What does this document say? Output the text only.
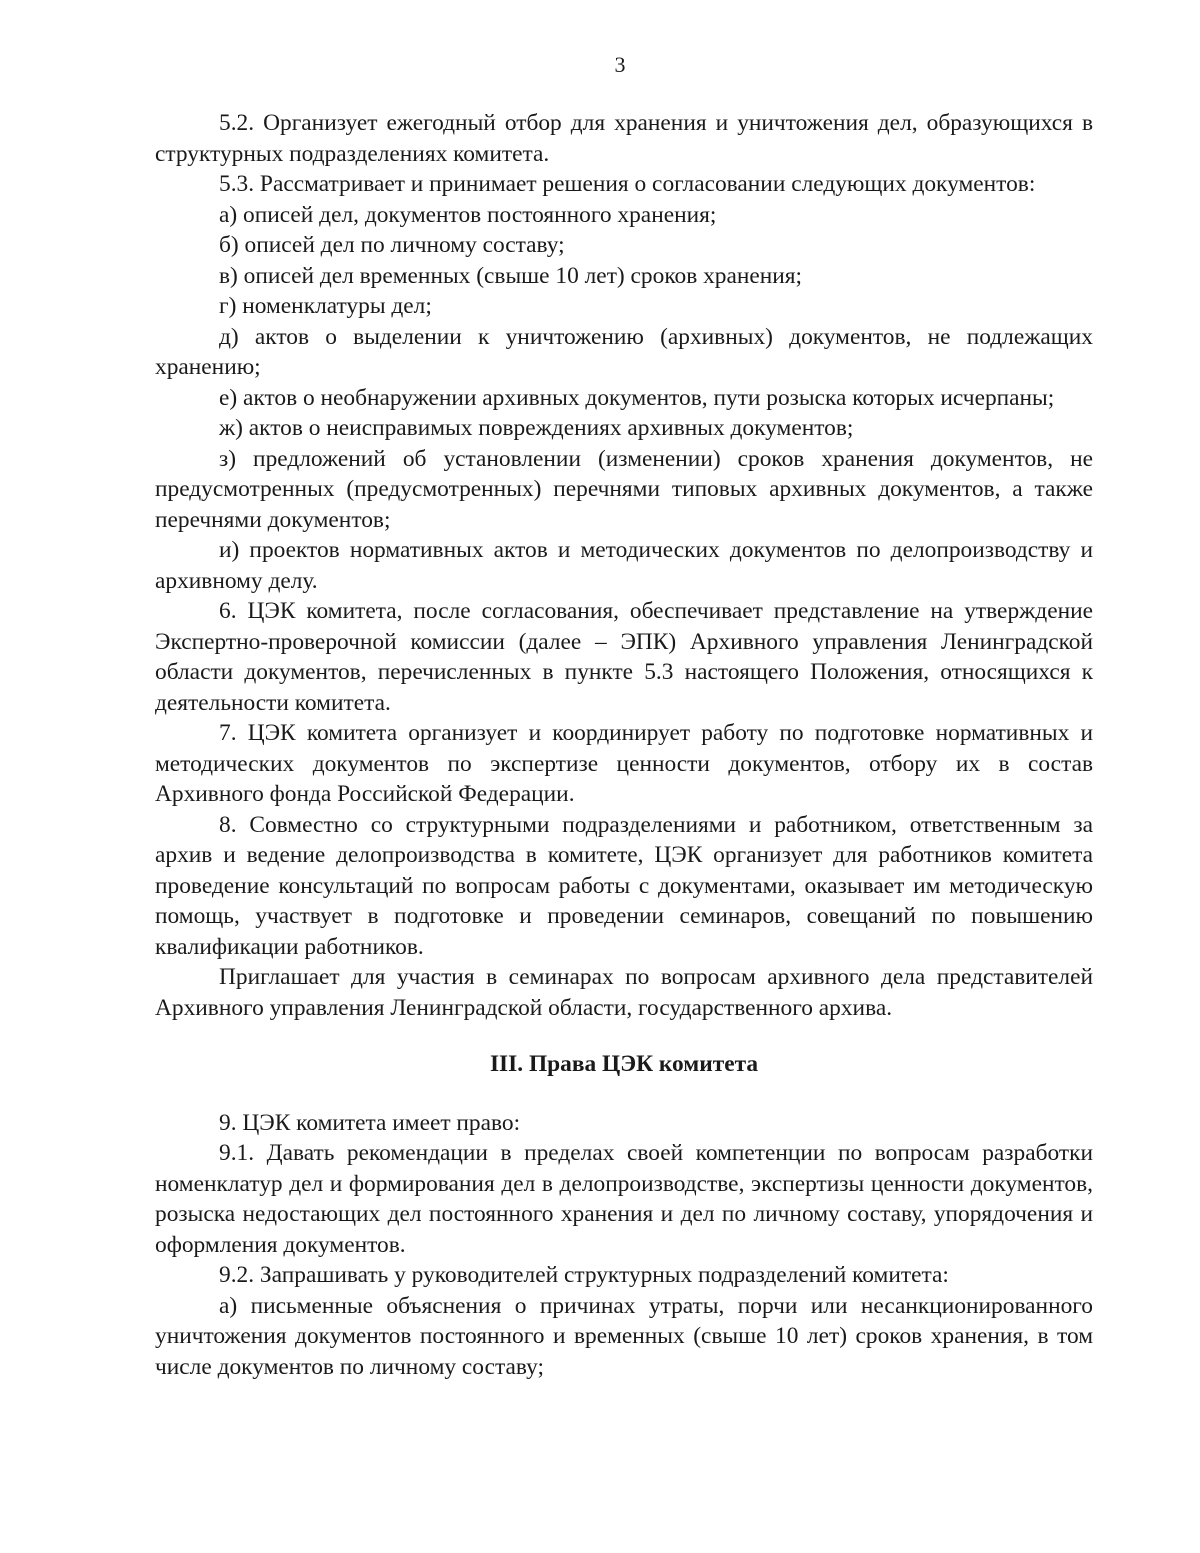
3

5.2. Организует ежегодный отбор для хранения и уничтожения дел, образующихся в структурных подразделениях комитета.

5.3. Рассматривает и принимает решения о согласовании следующих документов:

а) описей дел, документов постоянного хранения;

б) описей дел по личному составу;

в) описей дел временных (свыше 10 лет) сроков хранения;

г) номенклатуры дел;

д) актов о выделении к уничтожению (архивных) документов, не подлежащих хранению;

е) актов о необнаружении архивных документов, пути розыска которых исчерпаны;

ж) актов о неисправимых повреждениях архивных документов;

з) предложений об установлении (изменении) сроков хранения документов, не предусмотренных (предусмотренных) перечнями типовых архивных документов, а также перечнями документов;

и) проектов нормативных актов и методических документов по делопроизводству и архивному делу.

6. ЦЭК комитета, после согласования, обеспечивает представление на утверждение Экспертно-проверочной комиссии (далее – ЭПК) Архивного управления Ленинградской области документов, перечисленных в пункте 5.3 настоящего Положения, относящихся к деятельности комитета.

7. ЦЭК комитета организует и координирует работу по подготовке нормативных и методических документов по экспертизе ценности документов, отбору их в состав Архивного фонда Российской Федерации.

8. Совместно со структурными подразделениями и работником, ответственным за архив и ведение делопроизводства в комитете, ЦЭК организует для работников комитета проведение консультаций по вопросам работы с документами, оказывает им методическую помощь, участвует в подготовке и проведении семинаров, совещаний по повышению квалификации работников.

Приглашает для участия в семинарах по вопросам архивного дела представителей Архивного управления Ленинградской области, государственного архива.

III. Права ЦЭК комитета

9. ЦЭК комитета имеет право:

9.1. Давать рекомендации в пределах своей компетенции по вопросам разработки номенклатур дел и формирования дел в делопроизводстве, экспертизы ценности документов, розыска недостающих дел постоянного хранения и дел по личному составу, упорядочения и оформления документов.

9.2. Запрашивать у руководителей структурных подразделений комитета:

а) письменные объяснения о причинах утраты, порчи или несанкционированного уничтожения документов постоянного и временных (свыше 10 лет) сроков хранения, в том числе документов по личному составу;
